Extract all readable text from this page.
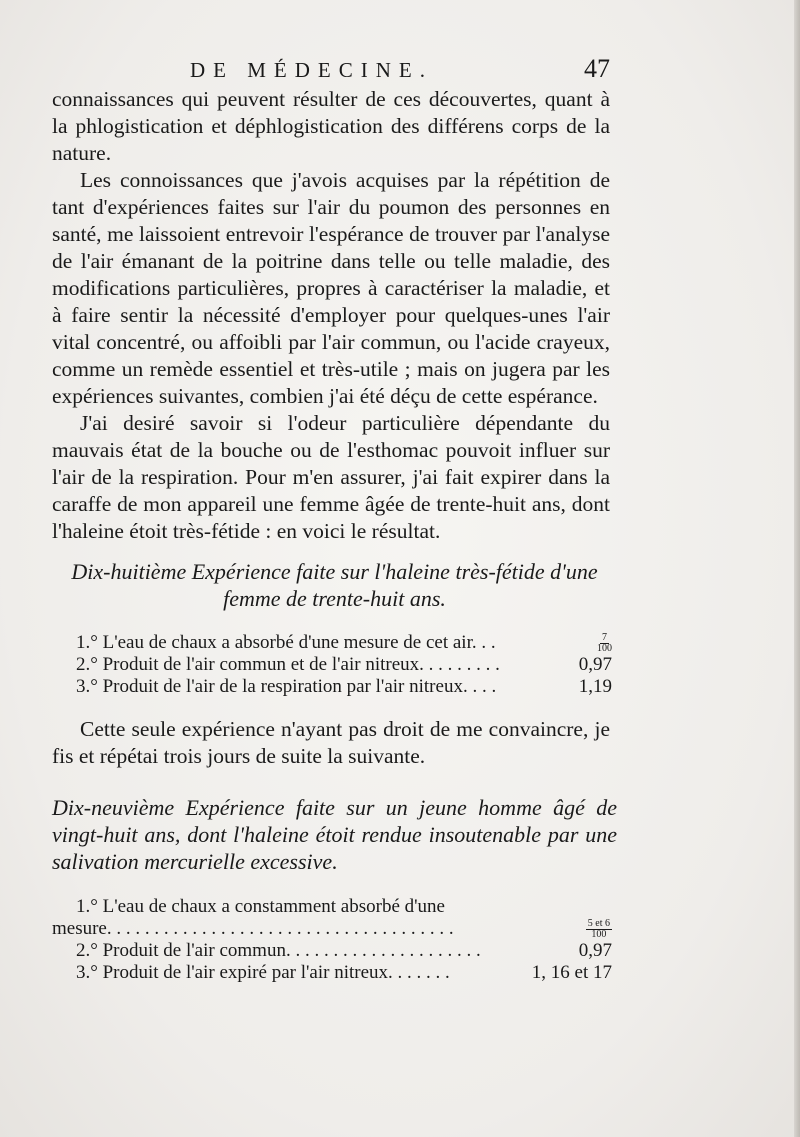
DE MÉDECINE.	47

connaissances qui peuvent résulter de ces découvertes, quant à la phlogistication et déphlogistication des différens corps de la nature.

Les connoissances que j'avois acquises par la répétition de tant d'expériences faites sur l'air du poumon des personnes en santé, me laissoient entrevoir l'espérance de trouver par l'analyse de l'air émanant de la poitrine dans telle ou telle maladie, des modifications particulières, propres à caractériser la maladie, et à faire sentir la nécessité d'employer pour quelques-unes l'air vital concentré, ou affoibli par l'air commun, ou l'acide crayeux, comme un remède essentiel et très-utile ; mais on jugera par les expériences suivantes, combien j'ai été déçu de cette espérance.

J'ai desiré savoir si l'odeur particulière dépendante du mauvais état de la bouche ou de l'esthomac pouvoit influer sur l'air de la respiration. Pour m'en assurer, j'ai fait expirer dans la caraffe de mon appareil une femme âgée de trente-huit ans, dont l'haleine étoit très-fétide : en voici le résultat.

Dix-huitième Expérience faite sur l'haleine très-fétide d'une femme de trente-huit ans.
1.° L'eau de chaux a absorbé d'une mesure de cet air. . .	$\frac{7}{100}$
2.° Produit de l'air commun et de l'air nitreux. . . . . . . . .	0,97
3.° Produit de l'air de la respiration par l'air nitreux. . . .	1,19

Cette seule expérience n'ayant pas droit de me convaincre, je fis et répétai trois jours de suite la suivante.

Dix-neuvième Expérience faite sur un jeune homme âgé de vingt-huit ans, dont l'haleine étoit rendue insoutenable par une salivation mercurielle excessive.
1.° L'eau de chaux a constamment absorbé d'une
mesure. . . . . . . . . . . . . . . . . . . . . . . . . . . . . . . . . . . . .	$\frac{5 et 6}{100}$
2.° Produit de l'air commun. . . . . . . . . . . . . . . . . . . . .	0,97
3.° Produit de l'air expiré par l'air nitreux. . . . . . .	1, 16 et 17
